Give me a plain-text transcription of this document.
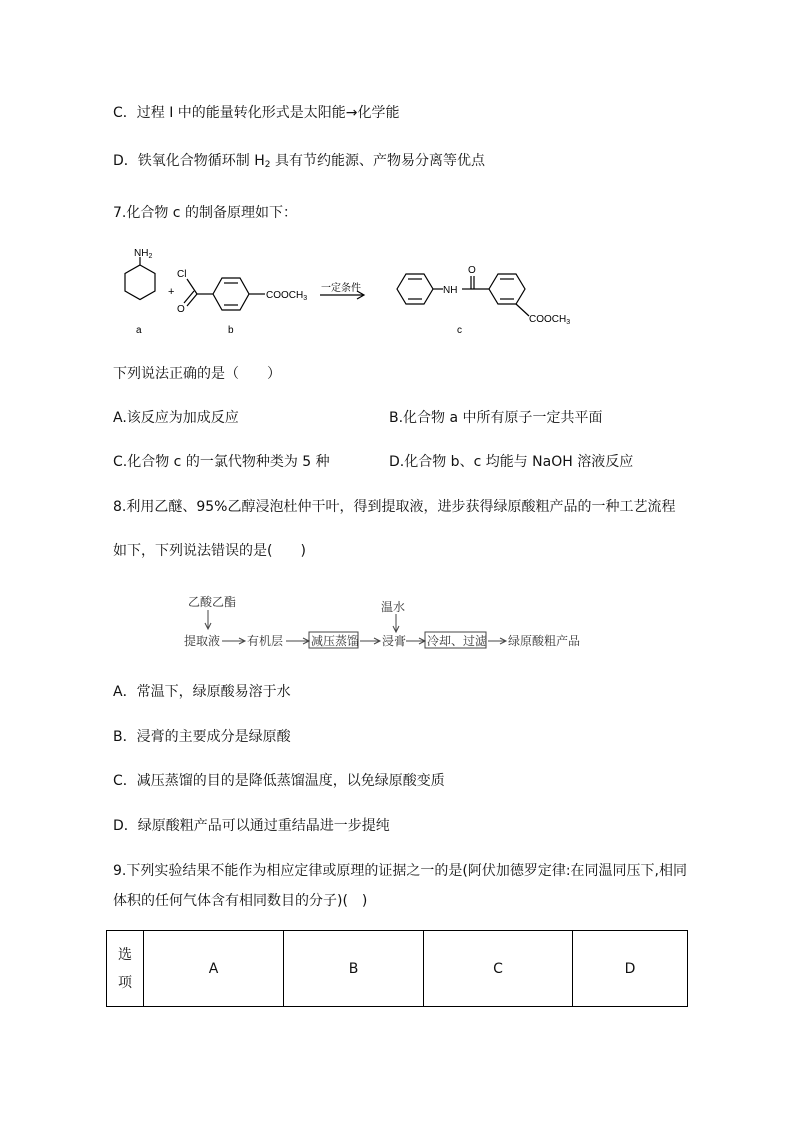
C．过程 I 中的能量转化形式是太阳能→化学能
D．铁氧化合物循环制 $H_2$ 具有节约能源、产物易分离等优点
7.化合物 c 的制备原理如下：
$NH_2$
a
+
Cl
O
$COOCH_3$
b
一定条件	NH
O
$COOCH_3$
c
下列说法正确的是（　　）
A.该反应为加成反应	B.化合物 a 中所有原子一定共平面
C.化合物 c 的一氯代物种类为 5 种	D.化合物 b、c 均能与 NaOH 溶液反应
8.利用乙醚、95%乙醇浸泡杜仲干叶，得到提取液，进步获得绿原酸粗产品的一种工艺流程
如下，下列说法错误的是(　　)
乙酸乙酯	温水
提取液 有机层 减压蒸馏 浸膏 冷却、过滤 绿原酸粗产品
A．常温下，绿原酸易溶于水
B．浸膏的主要成分是绿原酸
C．减压蒸馏的目的是降低蒸馏温度，以免绿原酸变质
D．绿原酸粗产品可以通过重结晶进一步提纯
9.下列实验结果不能作为相应定律或原理的证据之一的是(阿伏加德罗定律:在同温同压下,相同
体积的任何气体含有相同数目的分子)(　)
选
项	A	B	C	D
